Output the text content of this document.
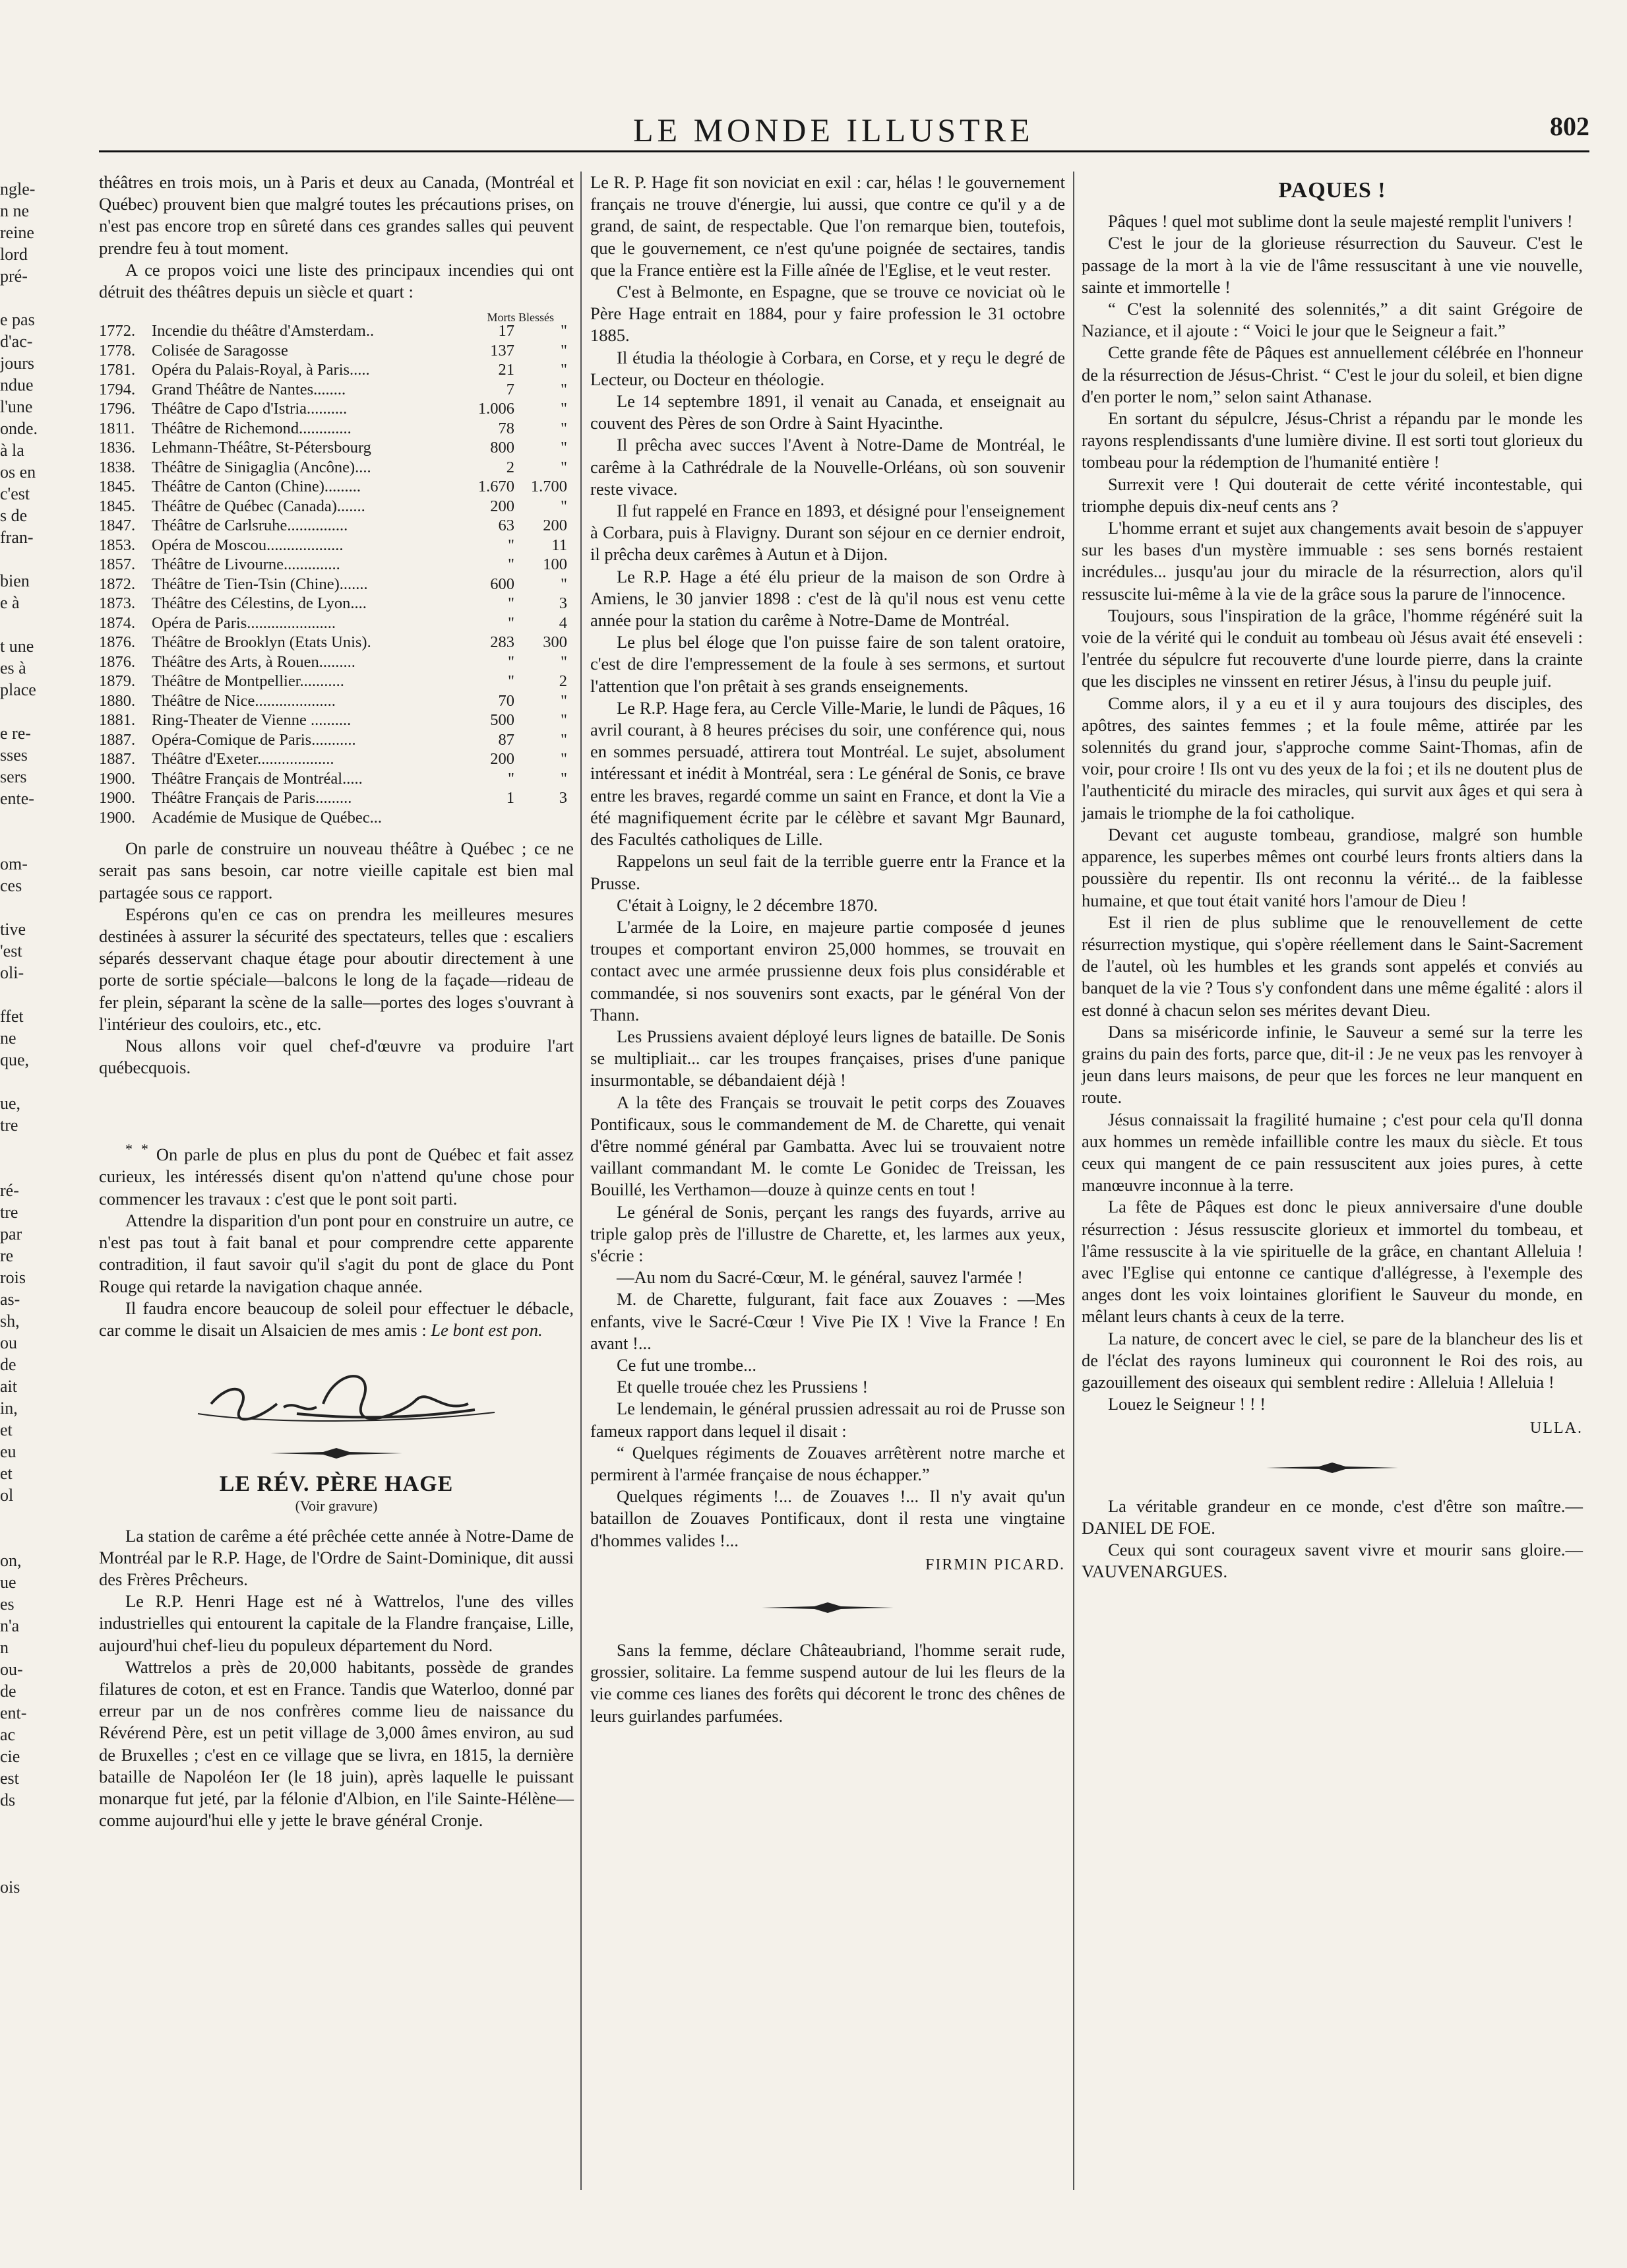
ngle-
n ne
reine
lord
pré-

e pas
d'ac-
jours
ndue
l'une
onde.
à la
os en
c'est
s de
fran-

bien
e à

t une
es à
place

e re-
sses
sers
ente-

om-
ces

tive
'est
oli-

ffet
ne
que,

ue,
tre

ré-
tre
par
re
rois
as-
sh,
ou
de
ait
in,
et
eu
et
ol

on,
ue
es
n'a
n
ou-
de
ent-
ac
cie
est
ds

ois
LE MONDE ILLUSTRE	802

théâtres en trois mois, un à Paris et deux au Canada, (Montréal et Québec) prouvent bien que malgré toutes les précautions prises, on n'est pas encore trop en sûreté dans ces grandes salles qui peuvent prendre feu à tout moment.

A ce propos voici une liste des principaux incendies qui ont détruit des théâtres depuis un siècle et quart :

Morts Blessés
1772.	Incendie du théâtre d'Amsterdam..	17	"
1778.	Colisée de Saragosse	137	"
1781.	Opéra du Palais-Royal, à Paris.....	21	"
1794.	Grand Théâtre de Nantes........	7	"
1796.	Théâtre de Capo d'Istria..........	1.006	"
1811.	Théâtre de Richemond.............	78	"
1836.	Lehmann-Théâtre, St-Pétersbourg	800	"
1838.	Théâtre de Sinigaglia (Ancône)....	2	"
1845.	Théâtre de Canton (Chine).........	1.670	1.700
1845.	Théâtre de Québec (Canada).......	200	"
1847.	Théâtre de Carlsruhe...............	63	200
1853.	Opéra de Moscou...................	"	11
1857.	Théâtre de Livourne..............	"	100
1872.	Théâtre de Tien-Tsin (Chine).......	600	"
1873.	Théâtre des Célestins, de Lyon....	"	3
1874.	Opéra de Paris......................	"	4
1876.	Théâtre de Brooklyn (Etats Unis).	283	300
1876.	Théâtre des Arts, à Rouen.........	"	"
1879.	Théâtre de Montpellier...........	"	2
1880.	Théâtre de Nice....................	70	"
1881.	Ring-Theater de Vienne ..........	500	"
1887.	Opéra-Comique de Paris...........	87	"
1887.	Théâtre d'Exeter...................	200	"
1900.	Théâtre Français de Montréal.....	"	"
1900.	Théâtre Français de Paris.........	1	3
1900.	Académie de Musique de Québec...

On parle de construire un nouveau théâtre à Québec ; ce ne serait pas sans besoin, car notre vieille capitale est bien mal partagée sous ce rapport.

Espérons qu'en ce cas on prendra les meilleures mesures destinées à assurer la sécurité des spectateurs, telles que : escaliers séparés desservant chaque étage pour aboutir directement à une porte de sortie spéciale—balcons le long de la façade—rideau de fer plein, séparant la scène de la salle—portes des loges s'ouvrant à l'intérieur des couloirs, etc., etc.

Nous allons voir quel chef-d'œuvre va produire l'art québecquois.

* * On parle de plus en plus du pont de Québec et fait assez curieux, les intéressés disent qu'on n'attend qu'une chose pour commencer les travaux : c'est que le pont soit parti.

Attendre la disparition d'un pont pour en construire un autre, ce n'est pas tout à fait banal et pour comprendre cette apparente contradition, il faut savoir qu'il s'agit du pont de glace du Pont Rouge qui retarde la navigation chaque année.

Il faudra encore beaucoup de soleil pour effectuer le débacle, car comme le disait un Alsaicien de mes amis : Le bont est pon.

LE RÉV. PÈRE HAGE
(Voir gravure)

La station de carême a été prêchée cette année à Notre-Dame de Montréal par le R.P. Hage, de l'Ordre de Saint-Dominique, dit aussi des Frères Prêcheurs.

Le R.P. Henri Hage est né à Wattrelos, l'une des villes industrielles qui entourent la capitale de la Flandre française, Lille, aujourd'hui chef-lieu du populeux département du Nord.

Wattrelos a près de 20,000 habitants, possède de grandes filatures de coton, et est en France. Tandis que Waterloo, donné par erreur par un de nos confrères comme lieu de naissance du Révérend Père, est un petit village de 3,000 âmes environ, au sud de Bruxelles ; c'est en ce village que se livra, en 1815, la dernière bataille de Napoléon Ier (le 18 juin), après laquelle le puissant monarque fut jeté, par la félonie d'Albion, en l'ile Sainte-Hélène—comme aujourd'hui elle y jette le brave général Cronje.

Le R. P. Hage fit son noviciat en exil : car, hélas ! le gouvernement français ne trouve d'énergie, lui aussi, que contre ce qu'il y a de grand, de saint, de respectable. Que l'on remarque bien, toutefois, que le gouvernement, ce n'est qu'une poignée de sectaires, tandis que la France entière est la Fille aînée de l'Eglise, et le veut rester.

C'est à Belmonte, en Espagne, que se trouve ce noviciat où le Père Hage entrait en 1884, pour y faire profession le 31 octobre 1885.

Il étudia la théologie à Corbara, en Corse, et y reçu le degré de Lecteur, ou Docteur en théologie.

Le 14 septembre 1891, il venait au Canada, et enseignait au couvent des Pères de son Ordre à Saint Hyacinthe.

Il prêcha avec succes l'Avent à Notre-Dame de Montréal, le carême à la Cathrédrale de la Nouvelle-Orléans, où son souvenir reste vivace.

Il fut rappelé en France en 1893, et désigné pour l'enseignement à Corbara, puis à Flavigny. Durant son séjour en ce dernier endroit, il prêcha deux carêmes à Autun et à Dijon.

Le R.P. Hage a été élu prieur de la maison de son Ordre à Amiens, le 30 janvier 1898 : c'est de là qu'il nous est venu cette année pour la station du carême à Notre-Dame de Montréal.

Le plus bel éloge que l'on puisse faire de son talent oratoire, c'est de dire l'empressement de la foule à ses sermons, et surtout l'attention que l'on prêtait à ses grands enseignements.

Le R.P. Hage fera, au Cercle Ville-Marie, le lundi de Pâques, 16 avril courant, à 8 heures précises du soir, une conférence qui, nous en sommes persuadé, attirera tout Montréal. Le sujet, absolument intéressant et inédit à Montréal, sera : Le général de Sonis, ce brave entre les braves, regardé comme un saint en France, et dont la Vie a été magnifiquement écrite par le célèbre et savant Mgr Baunard, des Facultés catholiques de Lille.

Rappelons un seul fait de la terrible guerre entr la France et la Prusse.

C'était à Loigny, le 2 décembre 1870.

L'armée de la Loire, en majeure partie composée d jeunes troupes et comportant environ 25,000 hommes, se trouvait en contact avec une armée prussienne deux fois plus considérable et commandée, si nos souvenirs sont exacts, par le général Von der Thann.

Les Prussiens avaient déployé leurs lignes de bataille. De Sonis se multipliait... car les troupes françaises, prises d'une panique insurmontable, se débandaient déjà !

A la tête des Français se trouvait le petit corps des Zouaves Pontificaux, sous le commandement de M. de Charette, qui venait d'être nommé général par Gambatta. Avec lui se trouvaient notre vaillant commandant M. le comte Le Gonidec de Treissan, les Bouillé, les Verthamon—douze à quinze cents en tout !

Le général de Sonis, perçant les rangs des fuyards, arrive au triple galop près de l'illustre de Charette, et, les larmes aux yeux, s'écrie :

—Au nom du Sacré-Cœur, M. le général, sauvez l'armée !

M. de Charette, fulgurant, fait face aux Zouaves : —Mes enfants, vive le Sacré-Cœur ! Vive Pie IX ! Vive la France ! En avant !...

Ce fut une trombe...

Et quelle trouée chez les Prussiens !

Le lendemain, le général prussien adressait au roi de Prusse son fameux rapport dans lequel il disait :

“ Quelques régiments de Zouaves arrêtèrent notre marche et permirent à l'armée française de nous échapper.”

Quelques régiments !... de Zouaves !... Il n'y avait qu'un bataillon de Zouaves Pontificaux, dont il resta une vingtaine d'hommes valides !...

FIRMIN PICARD.

Sans la femme, déclare Châteaubriand, l'homme serait rude, grossier, solitaire. La femme suspend autour de lui les fleurs de la vie comme ces lianes des forêts qui décorent le tronc des chênes de leurs guirlandes parfumées.

PAQUES !

Pâques ! quel mot sublime dont la seule majesté remplit l'univers !

C'est le jour de la glorieuse résurrection du Sauveur. C'est le passage de la mort à la vie de l'âme ressuscitant à une vie nouvelle, sainte et immortelle !

“ C'est la solennité des solennités,” a dit saint Grégoire de Naziance, et il ajoute : “ Voici le jour que le Seigneur a fait.”

Cette grande fête de Pâques est annuellement célébrée en l'honneur de la résurrection de Jésus-Christ. “ C'est le jour du soleil, et bien digne d'en porter le nom,” selon saint Athanase.

En sortant du sépulcre, Jésus-Christ a répandu par le monde les rayons resplendissants d'une lumière divine. Il est sorti tout glorieux du tombeau pour la rédemption de l'humanité entière !

Surrexit vere ! Qui douterait de cette vérité incontestable, qui triomphe depuis dix-neuf cents ans ?

L'homme errant et sujet aux changements avait besoin de s'appuyer sur les bases d'un mystère immuable : ses sens bornés restaient incrédules... jusqu'au jour du miracle de la résurrection, alors qu'il ressuscite lui-même à la vie de la grâce sous la parure de l'innocence.

Toujours, sous l'inspiration de la grâce, l'homme régénéré suit la voie de la vérité qui le conduit au tombeau où Jésus avait été enseveli : l'entrée du sépulcre fut recouverte d'une lourde pierre, dans la crainte que les disciples ne vinssent en retirer Jésus, à l'insu du peuple juif.

Comme alors, il y a eu et il y aura toujours des disciples, des apôtres, des saintes femmes ; et la foule même, attirée par les solennités du grand jour, s'approche comme Saint-Thomas, afin de voir, pour croire ! Ils ont vu des yeux de la foi ; et ils ne doutent plus de l'authenticité du miracle des miracles, qui survit aux âges et qui sera à jamais le triomphe de la foi catholique.

Devant cet auguste tombeau, grandiose, malgré son humble apparence, les superbes mêmes ont courbé leurs fronts altiers dans la poussière du repentir. Ils ont reconnu la vérité... de la faiblesse humaine, et que tout était vanité hors l'amour de Dieu !

Est il rien de plus sublime que le renouvellement de cette résurrection mystique, qui s'opère réellement dans le Saint-Sacrement de l'autel, où les humbles et les grands sont appelés et conviés au banquet de la vie ? Tous s'y confondent dans une même égalité : alors il est donné à chacun selon ses mérites devant Dieu.

Dans sa miséricorde infinie, le Sauveur a semé sur la terre les grains du pain des forts, parce que, dit-il : Je ne veux pas les renvoyer à jeun dans leurs maisons, de peur que les forces ne leur manquent en route.

Jésus connaissait la fragilité humaine ; c'est pour cela qu'Il donna aux hommes un remède infaillible contre les maux du siècle. Et tous ceux qui mangent de ce pain ressuscitent aux joies pures, à cette manœuvre inconnue à la terre.

La fête de Pâques est donc le pieux anniversaire d'une double résurrection : Jésus ressuscite glorieux et immortel du tombeau, et l'âme ressuscite à la vie spirituelle de la grâce, en chantant Alleluia ! avec l'Eglise qui entonne ce cantique d'allégresse, à l'exemple des anges dont les voix lointaines glorifient le Sauveur du monde, en mêlant leurs chants à ceux de la terre.

La nature, de concert avec le ciel, se pare de la blancheur des lis et de l'éclat des rayons lumineux qui couronnent le Roi des rois, au gazouillement des oiseaux qui semblent redire : Alleluia ! Alleluia !

Louez le Seigneur ! ! !

ULLA.

La véritable grandeur en ce monde, c'est d'être son maître.—DANIEL DE FOE.

Ceux qui sont courageux savent vivre et mourir sans gloire.—VAUVENARGUES.
